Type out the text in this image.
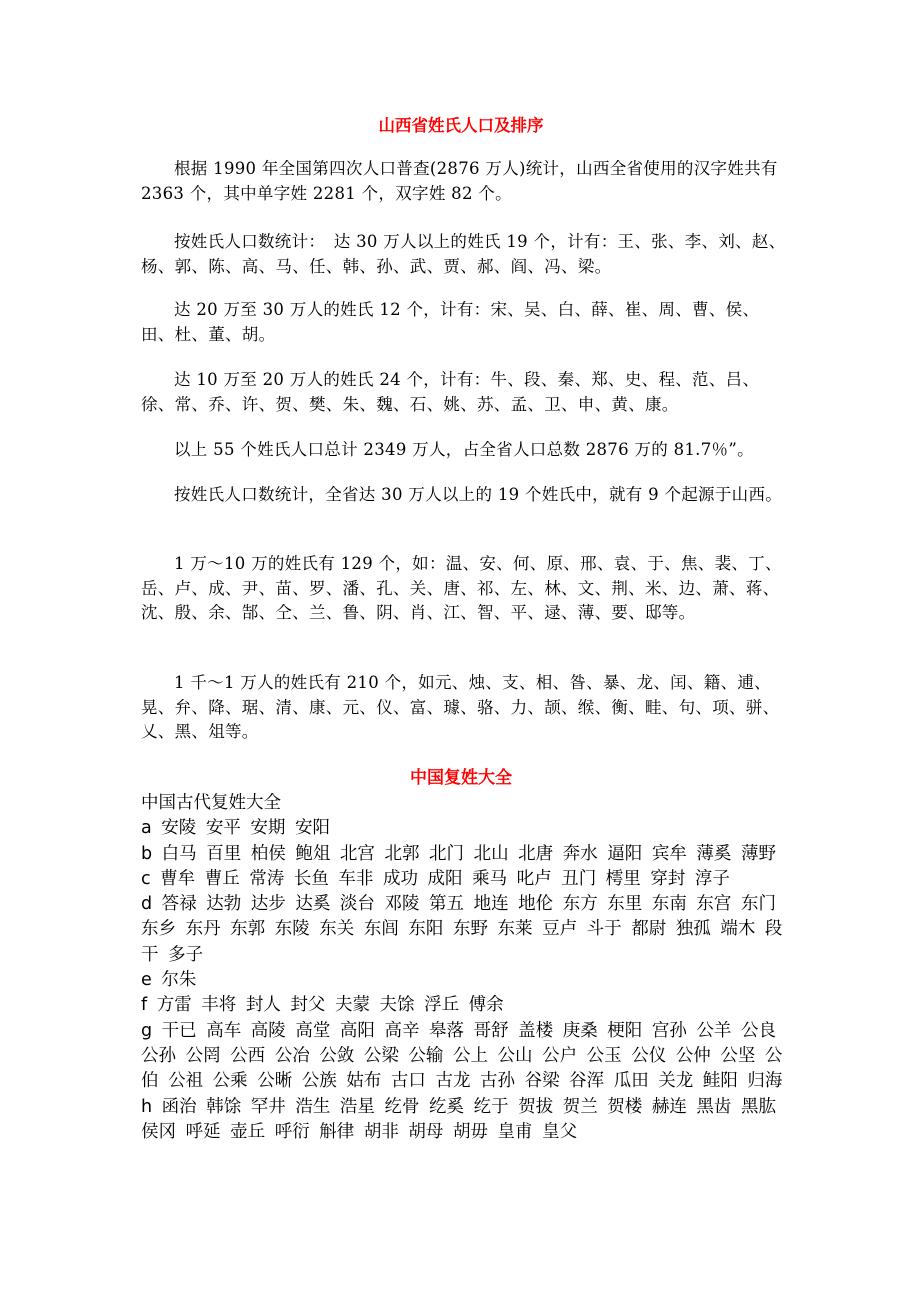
山西省姓氏人口及排序

根据 1990 年全国第四次人口普查(2876 万人)统计，山西全省使用的汉字姓共有 2363 个，其中单字姓 2281 个，双字姓 82 个。

按姓氏人口数统计：　达 30 万人以上的姓氏 19 个，计有：王、张、李、刘、赵、杨、郭、陈、高、马、任、韩、孙、武、贾、郝、阎、冯、梁。

达 20 万至 30 万人的姓氏 12 个，计有：宋、吴、白、薛、崔、周、曹、侯、田、杜、董、胡。

达 10 万至 20 万人的姓氏 24 个，计有：牛、段、秦、郑、史、程、范、吕、徐、常、乔、许、贺、樊、朱、魏、石、姚、苏、孟、卫、申、黄、康。

以上 55 个姓氏人口总计 2349 万人，占全省人口总数 2876 万的 81.7％”。

按姓氏人口数统计，全省达 30 万人以上的 19 个姓氏中，就有 9 个起源于山西。

1 万～10 万的姓氏有 129 个，如：温、安、何、原、邢、袁、于、焦、裴、丁、岳、卢、成、尹、苗、罗、潘、孔、关、唐、祁、左、林、文、荆、米、边、萧、蒋、沈、殷、余、郜、仝、兰、鲁、阴、肖、江、智、平、逯、薄、要、邸等。

1 千～1 万人的姓氏有 210 个，如元、烛、支、相、昝、暴、龙、闰、籍、逋、晃、弁、降、琚、清、康、元、仪、富、璩、骆、力、颉、缑、衡、畦、句、项、骈、乂、黑、俎等。

中国复姓大全

中国古代复姓大全

a 安陵 安平 安期 安阳

b 白马 百里 柏侯 鲍俎 北宫 北郭 北门 北山 北唐 奔水 逼阳 宾牟 薄奚 薄野

c 曹牟 曹丘 常涛 长鱼 车非 成功 成阳 乘马 叱卢 丑门 樗里 穿封 淳子

d 答禄 达勃 达步 达奚 淡台 邓陵 第五 地连 地伦 东方 东里 东南 东宫 东门 东乡 东丹 东郭 东陵 东关 东闾 东阳 东野 东莱 豆卢 斗于 都尉 独孤 端木 段干 多子

e 尔朱

f 方雷 丰将 封人 封父 夫蒙 夫馀 浮丘 傅余

g 干已 高车 高陵 高堂 高阳 高辛 皋落 哥舒 盖楼 庚桑 梗阳 宫孙 公羊 公良 公孙 公罔 公西 公冶 公敛 公梁 公输 公上 公山 公户 公玉 公仪 公仲 公坚 公伯 公祖 公乘 公晰 公族 姑布 古口 古龙 古孙 谷梁 谷浑 瓜田 关龙 鲑阳 归海

h 函治 韩馀 罕井 浩生 浩星 纥骨 纥奚 纥于 贺拔 贺兰 贺楼 赫连 黑齿 黑肱 侯冈 呼延 壶丘 呼衍 斛律 胡非 胡母 胡毋 皇甫 皇父
